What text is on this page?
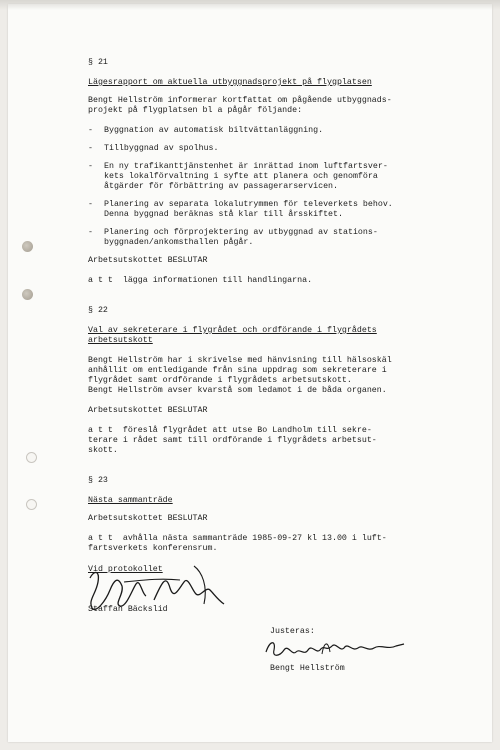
§ 21

Lägesrapport om aktuella utbyggnadsprojekt på flygplatsen

Bengt Hellström informerar kortfattat om pågående utbyggnads-
projekt på flygplatsen bl a pågår följande:

-	Byggnation av automatisk biltvättanläggning.
-	Tillbyggnad av spolhus.
-	En ny trafikanttjänstenhet är inrättad inom luftfartsver-
kets lokalförvaltning i syfte att planera och genomföra
åtgärder för förbättring av passagerarservicen.
-	Planering av separata lokalutrymmen för televerkets behov.
Denna byggnad beräknas stå klar till årsskiftet.
-	Planering och förprojektering av utbyggnad av stations-
byggnaden/ankomsthallen pågår.

Arbetsutskottet BESLUTAR

a t t  lägga informationen till handlingarna.

§ 22

Val av sekreterare i flygrådet och ordförande i flygrådets
arbetsutskott

Bengt Hellström har i skrivelse med hänvisning till hälsoskäl
anhållit om entledigande från sina uppdrag som sekreterare i
flygrådet samt ordförande i flygrådets arbetsutskott.
Bengt Hellström avser kvarstå som ledamot i de båda organen.

Arbetsutskottet BESLUTAR

a t t  föreslå flygrådet att utse Bo Landholm till sekre-
terare i rådet samt till ordförande i flygrådets arbetsut-
skott.

§ 23

Nästa sammanträde

Arbetsutskottet BESLUTAR

a t t  avhålla nästa sammanträde 1985-09-27 kl 13.00 i luft-
fartsverkets konferensrum.

Vid protokollet
Staffan Bäckslid
Justeras:
Bengt Hellström
